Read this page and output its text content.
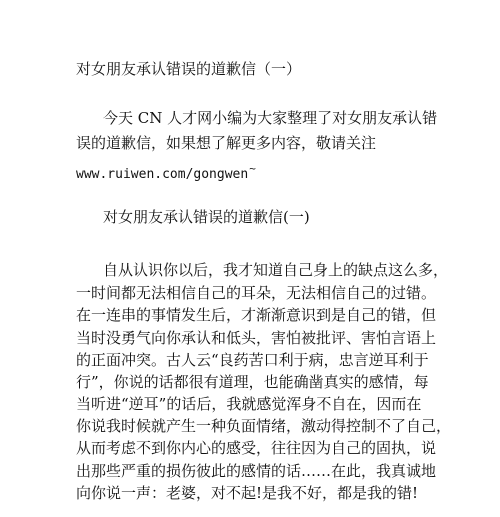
对女朋友承认错误的道歉信（一）
今天 CN 人才网小编为大家整理了对女朋友承认错
误的道歉信，如果想了解更多内容，敬请关注
www.ruiwen.com/gongwen~
对女朋友承认错误的道歉信(一)
自从认识你以后，我才知道自己身上的缺点这么多，
一时间都无法相信自己的耳朵，无法相信自己的过错。
在一连串的事情发生后，才渐渐意识到是自己的错，但
当时没勇气向你承认和低头，害怕被批评、害怕言语上
的正面冲突。古人云“良药苦口利于病，忠言逆耳利于
行”，你说的话都很有道理，也能确凿真实的感情，每
当听进“逆耳”的话后，我就感觉浑身不自在，因而在
你说我时候就产生一种负面情绪，激动得控制不了自己，
从而考虑不到你内心的感受，往往因为自己的固执，说
出那些严重的损伤彼此的感情的话……在此，我真诚地
向你说一声：老婆，对不起!是我不好，都是我的错!
